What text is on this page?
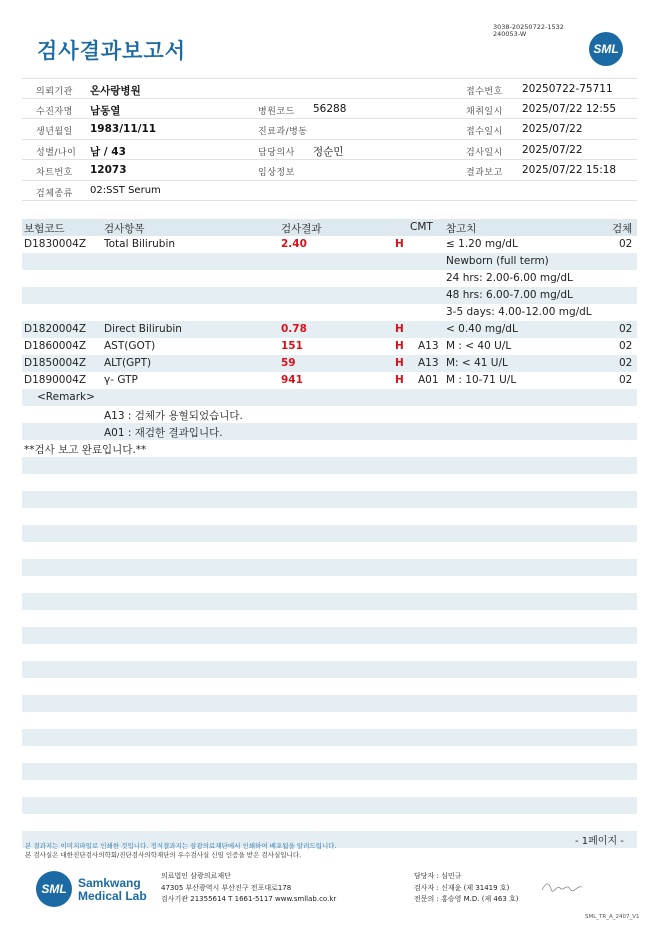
검사결과보고서
3038-20250722-1532
240053-W
SML
의뢰기관 온사랑병원	접수번호 20250722-75711
수진자명 남동열	병원코드 56288	채취일시 2025/07/22 12:55
생년월일 1983/11/11	진료과/병동	접수일시 2025/07/22
성별/나이 남 / 43	담당의사 정순민	검사일시 2025/07/22
차트번호 12073	임상정보	결과보고 2025/07/22 15:18
검체종류 02:SST Serum
보험코드	검사항목	검사결과	CMT 참고치	검체
D1830004Z Total Bilirubin	2.40	H	≤ 1.20 mg/dL	02
Newborn (full term)
24 hrs: 2.00-6.00 mg/dL
48 hrs: 6.00-7.00 mg/dL
3-5 days: 4.00-12.00 mg/dL
D1820004Z Direct Bilirubin	0.78	H	< 0.40 mg/dL	02
D1860004Z AST(GOT)	151	H A13 M : < 40 U/L	02
D1850004Z ALT(GPT)	59	H A13 M: < 41 U/L	02
D1890004Z γ- GTP	941	H A01 M : 10-71 U/L	02
<Remark>
A13 : 검체가 용혈되었습니다.
A01 : 재검한 결과입니다.
**검사 보고 완료입니다.**
- 1페이지 -
본 결과지는 이미지파일로 인쇄한 것입니다. 정식결과지는 삼광의료재단에서 인쇄하여 배포됨을 알려드립니다.
본 검사실은 대한진단검사의학회/진단검사의학재단의 우수검사실 신임 인증을 받은 검사실입니다.
SML Samkwang
Medical Lab
의료법인 삼광의료재단
47305 부산광역시 부산진구 전포대로178
검사기관 21355614 T 1661-5117 www.smllab.co.kr
담당자 : 심민규
검사자 : 신재윤 (제 31419 호)
전문의 : 홍승영 M.D. (제 463 호)
SML_TR_A_2407_V1
